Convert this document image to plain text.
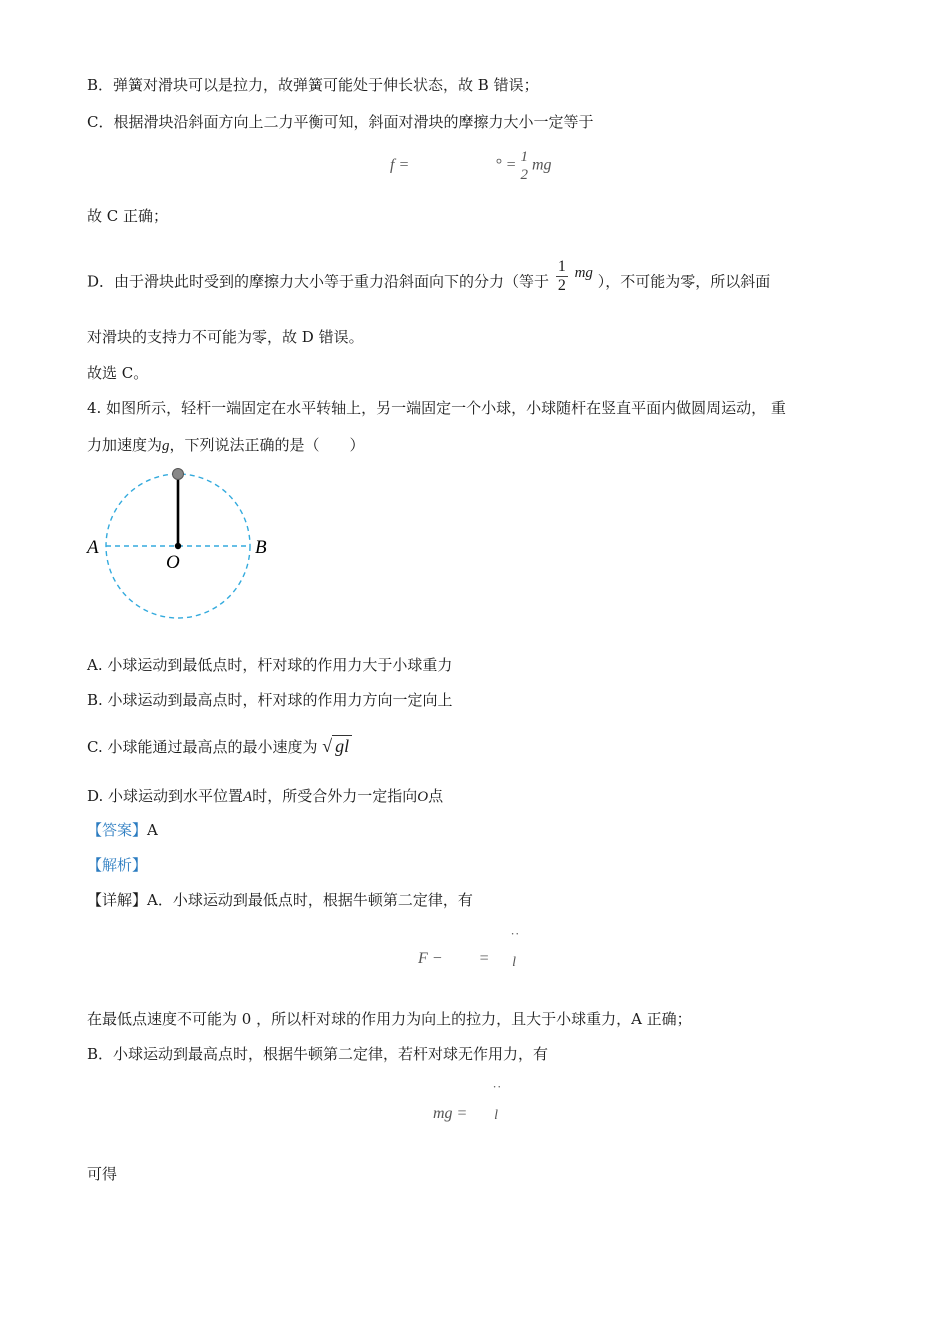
B．弹簧对滑块可以是拉力，故弹簧可能处于伸长状态，故 B 错误；
C．根据滑块沿斜面方向上二力平衡可知，斜面对滑块的摩擦力大小一定等于
f =	° = 1
2
mg
故 C 正确；
D．由于滑块此时受到的摩擦力大小等于重力沿斜面向下的分力（等于 $\frac{1}{2}$ mg ），不可能为零，所以斜面
对滑块的支持力不可能为零，故 D 错误。
故选 C。
4. 如图所示，轻杆一端固定在水平转轴上，另一端固定一个小球，小球随杆在竖直平面内做圆周运动， 重
力加速度为g，下列说法正确的是（　　）
A	B
O
A. 小球运动到最低点时，杆对球的作用力大于小球重力
B. 小球运动到最高点时，杆对球的作用力方向一定向上
C. 小球能通过最高点的最小速度为 √ gl
D. 小球运动到水平位置A时，所受合外力一定指向O点
【答案】A
【解析】
【详解】A．小球运动到最低点时，根据牛顿第二定律，有
F − =
˙˙
l
在最低点速度不可能为 0 ，所以杆对球的作用力为向上的拉力，且大于小球重力，A 正确；
B．小球运动到最高点时，根据牛顿第二定律，若杆对球无作用力，有
mg =
˙˙
l
可得
